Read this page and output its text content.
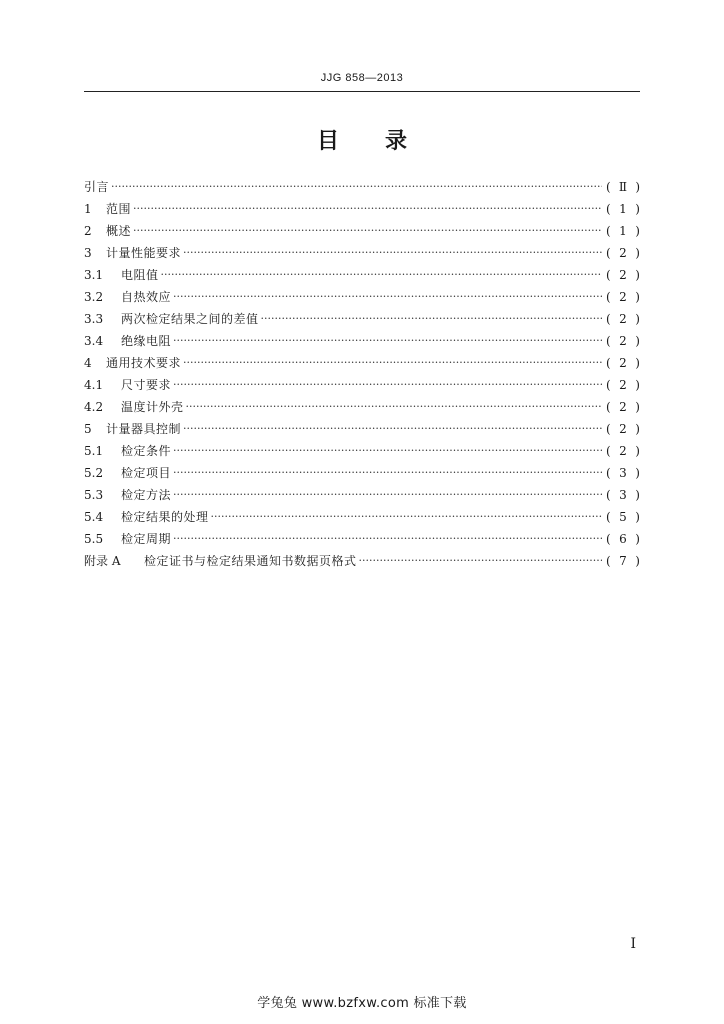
JJG 858—2013
目 录
引言 ·····	( Ⅱ )
1	范围 ·····	( 1 )
2	概述 ·····	( 1 )
3	计量性能要求 ·····	( 2 )
3.1	电阻值 ·····	( 2 )
3.2	自热效应 ·····	( 2 )
3.3	两次检定结果之间的差值 ·····	( 2 )
3.4	绝缘电阻 ·····	( 2 )
4	通用技术要求 ·····	( 2 )
4.1	尺寸要求 ·····	( 2 )
4.2	温度计外壳 ·····	( 2 )
5	计量器具控制 ·····	( 2 )
5.1	检定条件 ·····	( 2 )
5.2	检定项目 ·····	( 3 )
5.3	检定方法 ·····	( 3 )
5.4	检定结果的处理 ·····	( 5 )
5.5	检定周期 ·····	( 6 )
附录 A	检定证书与检定结果通知书数据页格式 ·····	( 7 )
I
学兔兔 www.bzfxw.com 标准下载
